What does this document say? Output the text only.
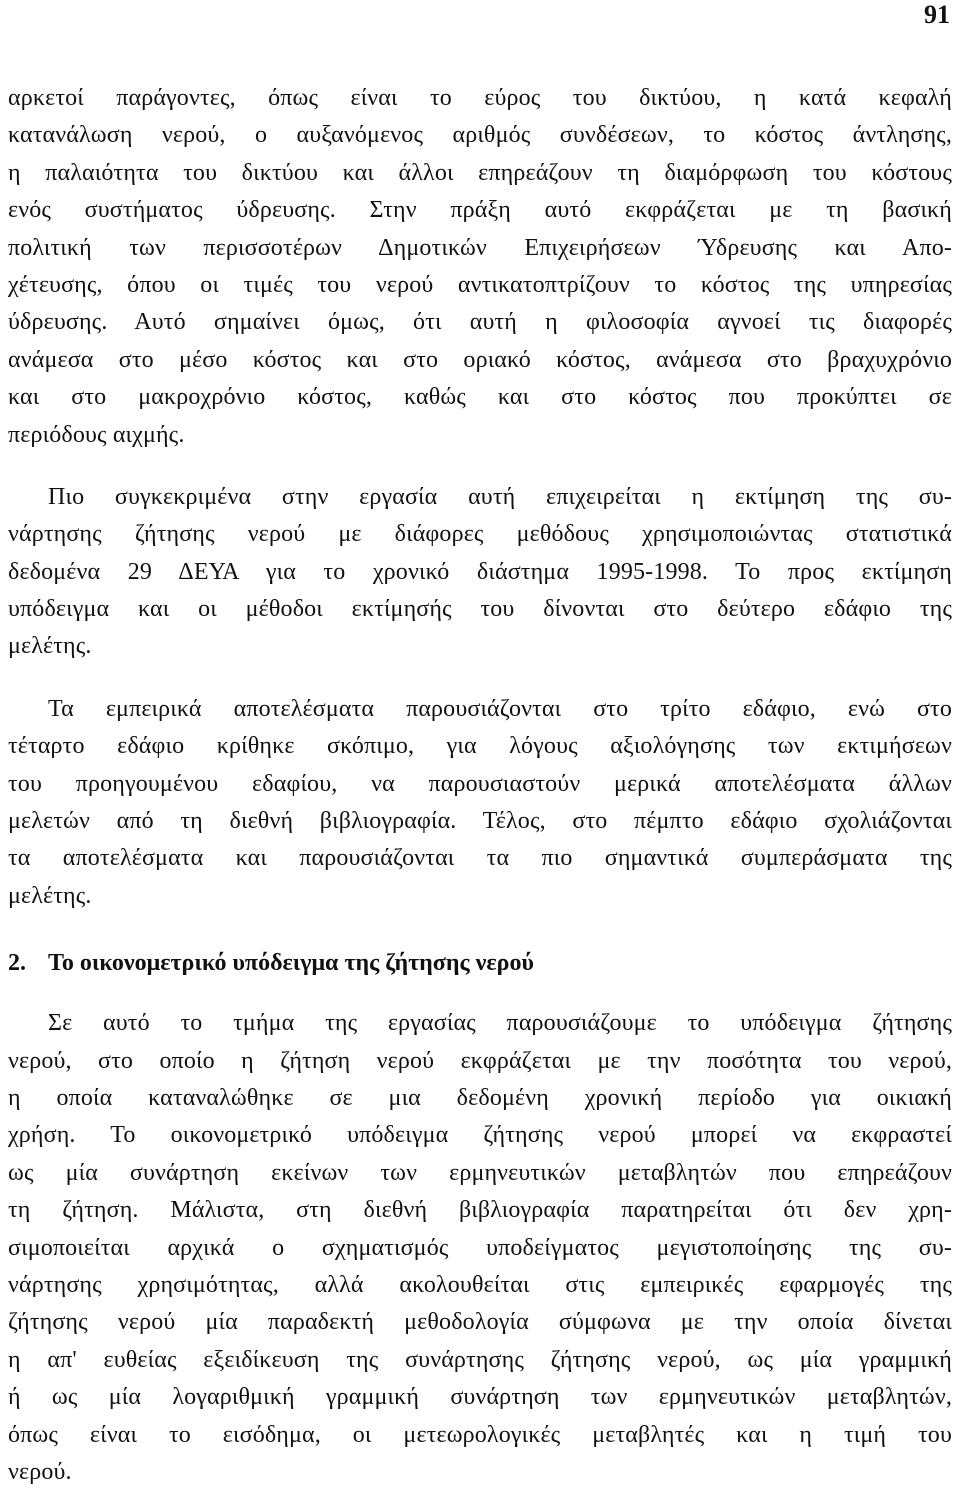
91
αρκετοί παράγοντες, όπως είναι το εύρος του δικτύου, η κατά κεφαλή
κατανάλωση νερού, ο αυξανόμενος αριθμός συνδέσεων, το κόστος άντλησης,
η παλαιότητα του δικτύου και άλλοι επηρεάζουν τη διαμόρφωση του κόστους
ενός συστήματος ύδρευσης. Στην πράξη αυτό εκφράζεται με τη βασική
πολιτική των περισσοτέρων Δημοτικών Επιχειρήσεων Ύδρευσης και Απο-
χέτευσης, όπου οι τιμές του νερού αντικατοπτρίζουν το κόστος της υπηρεσίας
ύδρευσης. Αυτό σημαίνει όμως, ότι αυτή η φιλοσοφία αγνοεί τις διαφορές
ανάμεσα στο μέσο κόστος και στο οριακό κόστος, ανάμεσα στο βραχυχρόνιο
και στο μακροχρόνιο κόστος, καθώς και στο κόστος που προκύπτει σε
περιόδους αιχμής.
Πιο συγκεκριμένα στην εργασία αυτή επιχειρείται η εκτίμηση της συ-
νάρτησης ζήτησης νερού με διάφορες μεθόδους χρησιμοποιώντας στατιστικά
δεδομένα 29 ΔΕΥΑ για το χρονικό διάστημα 1995-1998. Το προς εκτίμηση
υπόδειγμα και οι μέθοδοι εκτίμησής του δίνονται στο δεύτερο εδάφιο της
μελέτης.
Τα εμπειρικά αποτελέσματα παρουσιάζονται στο τρίτο εδάφιο, ενώ στο
τέταρτο εδάφιο κρίθηκε σκόπιμο, για λόγους αξιολόγησης των εκτιμήσεων
του προηγουμένου εδαφίου, να παρουσιαστούν μερικά αποτελέσματα άλλων
μελετών από τη διεθνή βιβλιογραφία. Τέλος, στο πέμπτο εδάφιο σχολιάζονται
τα αποτελέσματα και παρουσιάζονται τα πιο σημαντικά συμπεράσματα της
μελέτης.
2. Το οικονομετρικό υπόδειγμα της ζήτησης νερού
Σε αυτό το τμήμα της εργασίας παρουσιάζουμε το υπόδειγμα ζήτησης
νερού, στο οποίο η ζήτηση νερού εκφράζεται με την ποσότητα του νερού,
η οποία καταναλώθηκε σε μια δεδομένη χρονική περίοδο για οικιακή
χρήση. Το οικονομετρικό υπόδειγμα ζήτησης νερού μπορεί να εκφραστεί
ως μία συνάρτηση εκείνων των ερμηνευτικών μεταβλητών που επηρεάζουν
τη ζήτηση. Μάλιστα, στη διεθνή βιβλιογραφία παρατηρείται ότι δεν χρη-
σιμοποιείται αρχικά ο σχηματισμός υποδείγματος μεγιστοποίησης της συ-
νάρτησης χρησιμότητας, αλλά ακολουθείται στις εμπειρικές εφαρμογές της
ζήτησης νερού μία παραδεκτή μεθοδολογία σύμφωνα με την οποία δίνεται
η απ' ευθείας εξειδίκευση της συνάρτησης ζήτησης νερού, ως μία γραμμική
ή ως μία λογαριθμική γραμμική συνάρτηση των ερμηνευτικών μεταβλητών,
όπως είναι το εισόδημα, οι μετεωρολογικές μεταβλητές και η τιμή του
νερού.
